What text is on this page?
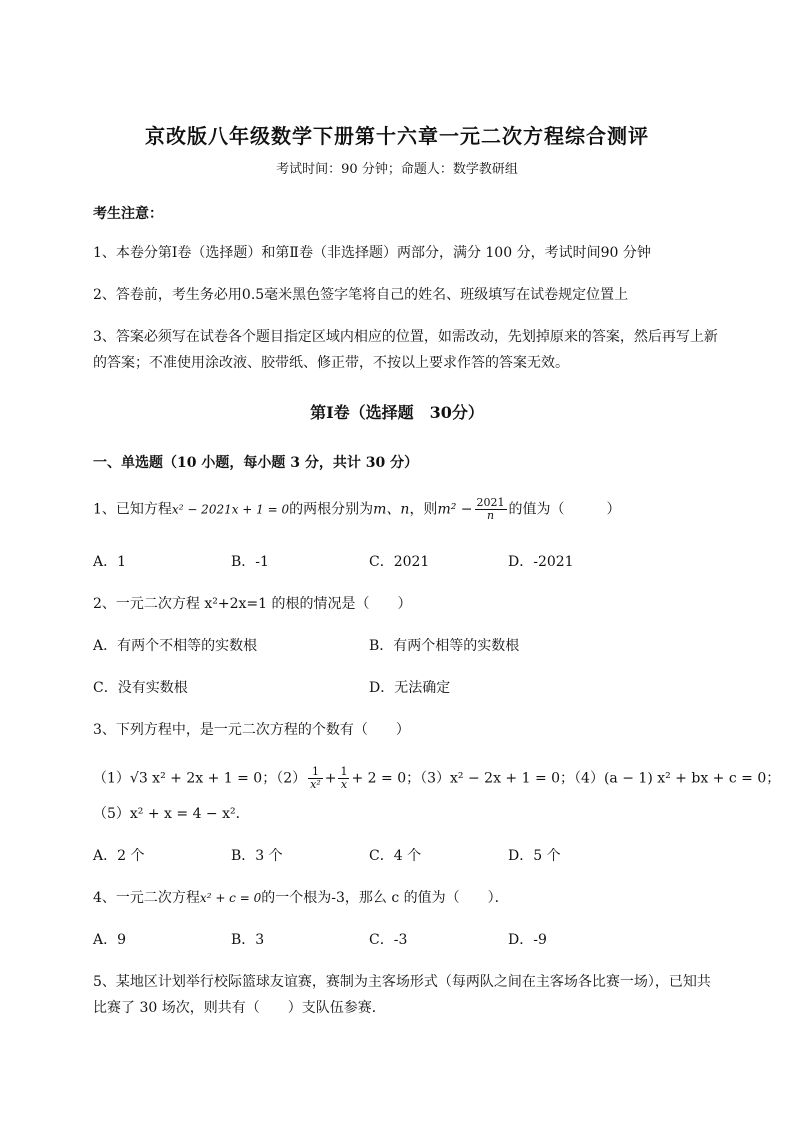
京改版八年级数学下册第十六章一元二次方程综合测评
考试时间：90 分钟；命题人：数学教研组
考生注意：
1、本卷分第Ⅰ卷（选择题）和第Ⅱ卷（非选择题）两部分，满分 100 分，考试时间90 分钟
2、答卷前，考生务必用0.5毫米黑色签字笔将自己的姓名、班级填写在试卷规定位置上
3、答案必须写在试卷各个题目指定区域内相应的位置，如需改动，先划掉原来的答案，然后再写上新
的答案；不准使用涂改液、胶带纸、修正带，不按以上要求作答的答案无效。
第Ⅰ卷（选择题　30分）
一、单选题（10 小题，每小题 3 分，共计 30 分）
1、已知方程x² − 2021x + 1 = 0的两根分别为m、n，则$m^2 - \frac{2021}{n}$ 的值为（　　　）
A．1	B．-1	C．2021	D．-2021
2、一元二次方程 x²+2x=1 的根的情况是（　　）
A．有两个不相等的实数根	B．有两个相等的实数根
C．没有实数根	D．无法确定
3、下列方程中，是一元二次方程的个数有（　　）
（1）√3 x² + 2x + 1 = 0；$(2) \frac{1}{\text{x²}} + \frac{1}{x} + 2 = 0$；（3）x² − 2x + 1 = 0；（4）(a − 1) x² + bx + c = 0；
（5）x² + x = 4 − x²．
A．2 个	B．3 个	C．4 个	D．5 个
4、一元二次方程x² + c = 0的一个根为-3，那么 c 的值为（　　）．
A．9	B．3	C．-3	D．-9
5、某地区计划举行校际篮球友谊赛，赛制为主客场形式（每两队之间在主客场各比赛一场），已知共
比赛了 30 场次，则共有（　　）支队伍参赛．
